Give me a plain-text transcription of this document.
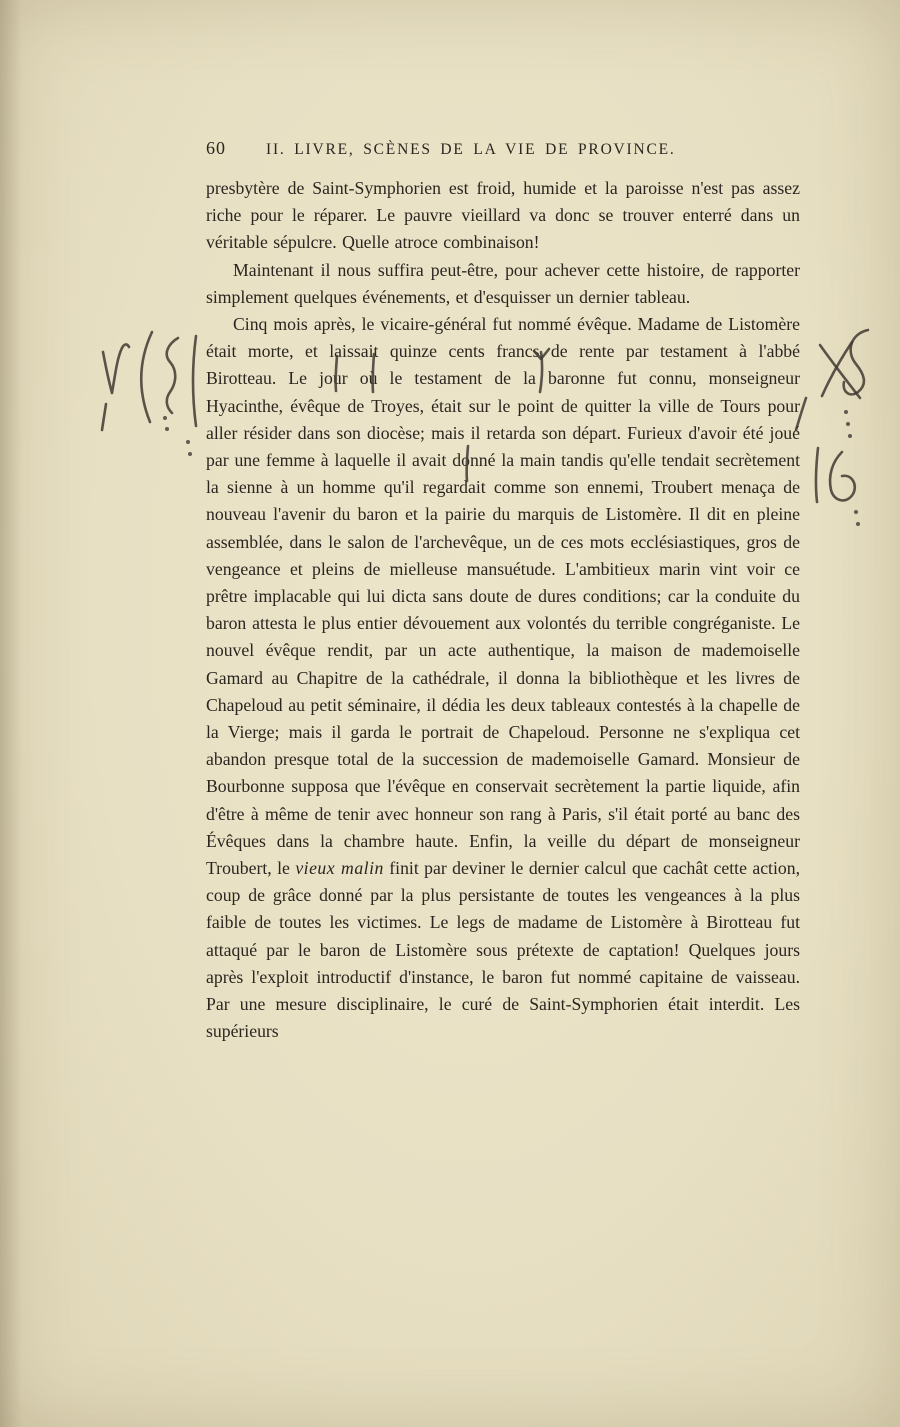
60	II. LIVRE, SCÈNES DE LA VIE DE PROVINCE.

presbytère de Saint-Symphorien est froid, humide et la paroisse n'est pas assez riche pour le réparer. Le pauvre vieillard va donc se trouver enterré dans un véritable sépulcre. Quelle atroce combinaison!

Maintenant il nous suffira peut-être, pour achever cette histoire, de rapporter simplement quelques événements, et d'esquisser un dernier tableau.

Cinq mois après, le vicaire-général fut nommé évêque. Madame de Listomère était morte, et laissait quinze cents francs de rente par testament à l'abbé Birotteau. Le jour où le testament de la baronne fut connu, monseigneur Hyacinthe, évêque de Troyes, était sur le point de quitter la ville de Tours pour aller résider dans son diocèse; mais il retarda son départ. Furieux d'avoir été joué par une femme à laquelle il avait donné la main tandis qu'elle tendait secrètement la sienne à un homme qu'il regardait comme son ennemi, Troubert menaça de nouveau l'avenir du baron et la pairie du marquis de Listomère. Il dit en pleine assemblée, dans le salon de l'archevêque, un de ces mots ecclésiastiques, gros de vengeance et pleins de mielleuse mansuétude. L'ambitieux marin vint voir ce prêtre implacable qui lui dicta sans doute de dures conditions; car la conduite du baron attesta le plus entier dévouement aux volontés du terrible congréganiste. Le nouvel évêque rendit, par un acte authentique, la maison de mademoiselle Gamard au Chapitre de la cathédrale, il donna la bibliothèque et les livres de Chapeloud au petit séminaire, il dédia les deux tableaux contestés à la chapelle de la Vierge; mais il garda le portrait de Chapeloud. Personne ne s'expliqua cet abandon presque total de la succession de mademoiselle Gamard. Monsieur de Bourbonne supposa que l'évêque en conservait secrètement la partie liquide, afin d'être à même de tenir avec honneur son rang à Paris, s'il était porté au banc des Évêques dans la chambre haute. Enfin, la veille du départ de monseigneur Troubert, le vieux malin finit par deviner le dernier calcul que cachât cette action, coup de grâce donné par la plus persistante de toutes les vengeances à la plus faible de toutes les victimes. Le legs de madame de Listomère à Birotteau fut attaqué par le baron de Listomère sous prétexte de captation! Quelques jours après l'exploit introductif d'instance, le baron fut nommé capitaine de vaisseau. Par une mesure disciplinaire, le curé de Saint-Symphorien était interdit. Les supérieurs
